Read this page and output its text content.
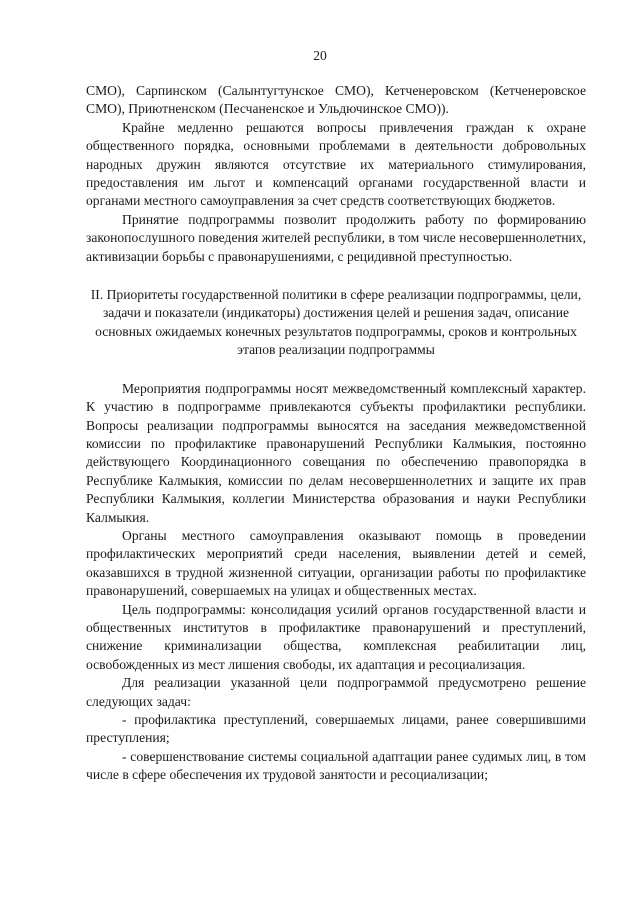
20

СМО), Сарпинском (Салынтугтунское СМО), Кетченеровском (Кетченеровское СМО), Приютненском (Песчаненское и Ульдючинское СМО)).

Крайне медленно решаются вопросы привлечения граждан к охране общественного порядка, основными проблемами в деятельности добровольных народных дружин являются отсутствие их материального стимулирования, предоставления им льгот и компенсаций органами государственной власти и органами местного самоуправления за счет средств соответствующих бюджетов.

Принятие подпрограммы позволит продолжить работу по формированию законопослушного поведения жителей республики, в том числе несовершеннолетних, активизации борьбы с правонарушениями, с рецидивной преступностью.

II. Приоритеты государственной политики в сфере реализации подпрограммы, цели, задачи и показатели (индикаторы) достижения целей и решения задач, описание основных ожидаемых конечных результатов подпрограммы, сроков и контрольных этапов реализации подпрограммы

Мероприятия подпрограммы носят межведомственный комплексный характер. К участию в подпрограмме привлекаются субъекты профилактики республики. Вопросы реализации подпрограммы выносятся на заседания межведомственной комиссии по профилактике правонарушений Республики Калмыкия, постоянно действующего Координационного совещания по обеспечению правопорядка в Республике Калмыкия, комиссии по делам несовершеннолетних и защите их прав Республики Калмыкия, коллегии Министерства образования и науки Республики Калмыкия.

Органы местного самоуправления оказывают помощь в проведении профилактических мероприятий среди населения, выявлении детей и семей, оказавшихся в трудной жизненной ситуации, организации работы по профилактике правонарушений, совершаемых на улицах и общественных местах.

Цель подпрограммы: консолидация усилий органов государственной власти и общественных институтов в профилактике правонарушений и преступлений, снижение криминализации общества, комплексная реабилитации лиц, освобожденных из мест лишения свободы, их адаптация и ресоциализация.

Для реализации указанной цели подпрограммой предусмотрено решение следующих задач:

- профилактика преступлений, совершаемых лицами, ранее совершившими преступления;

- совершенствование системы социальной адаптации ранее судимых лиц, в том числе в сфере обеспечения их трудовой занятости и ресоциализации;
